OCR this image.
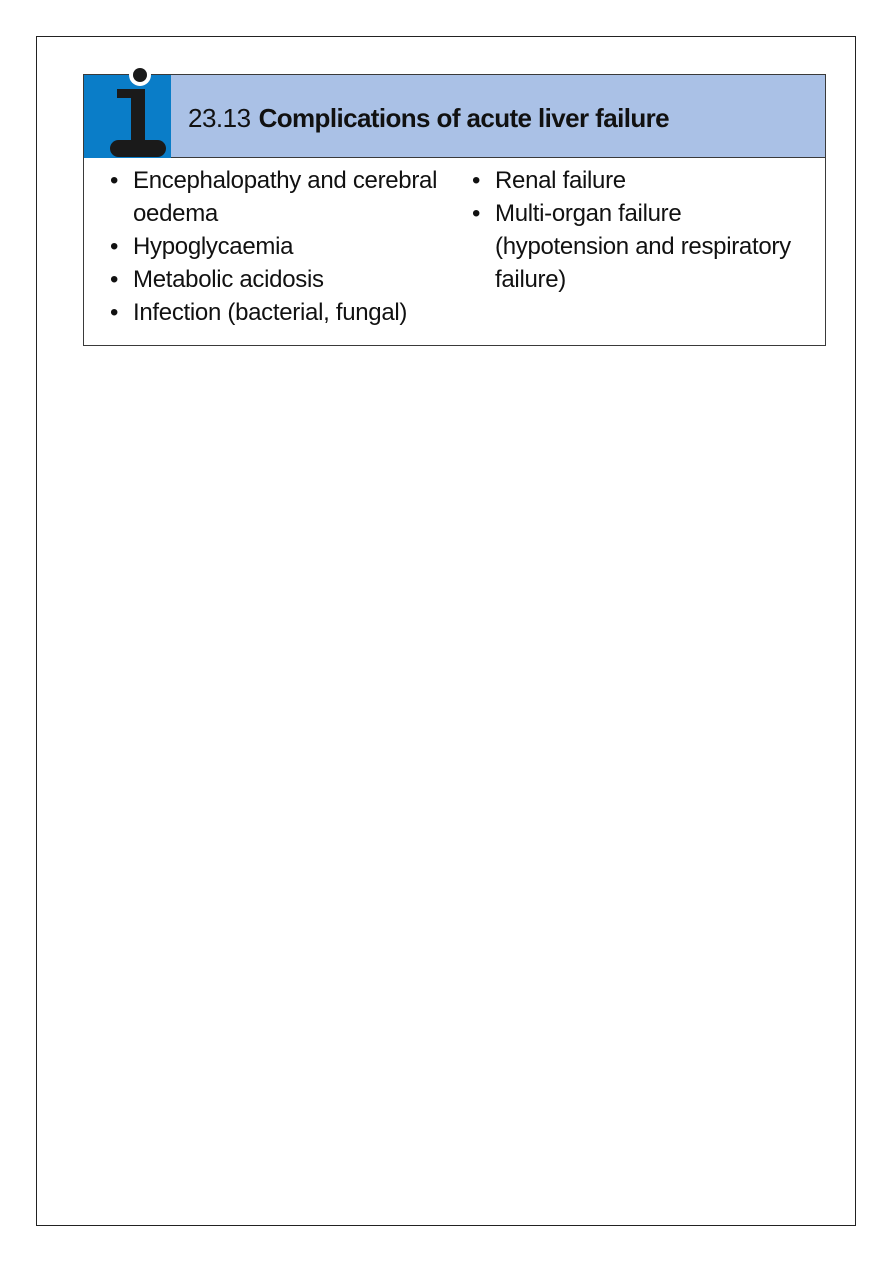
23.13 Complications of acute liver failure
• Encephalopathy and cerebral oedema
• Hypoglycaemia
• Metabolic acidosis
• Infection (bacterial, fungal)
• Renal failure
• Multi-organ failure (hypotension and respiratory failure)
